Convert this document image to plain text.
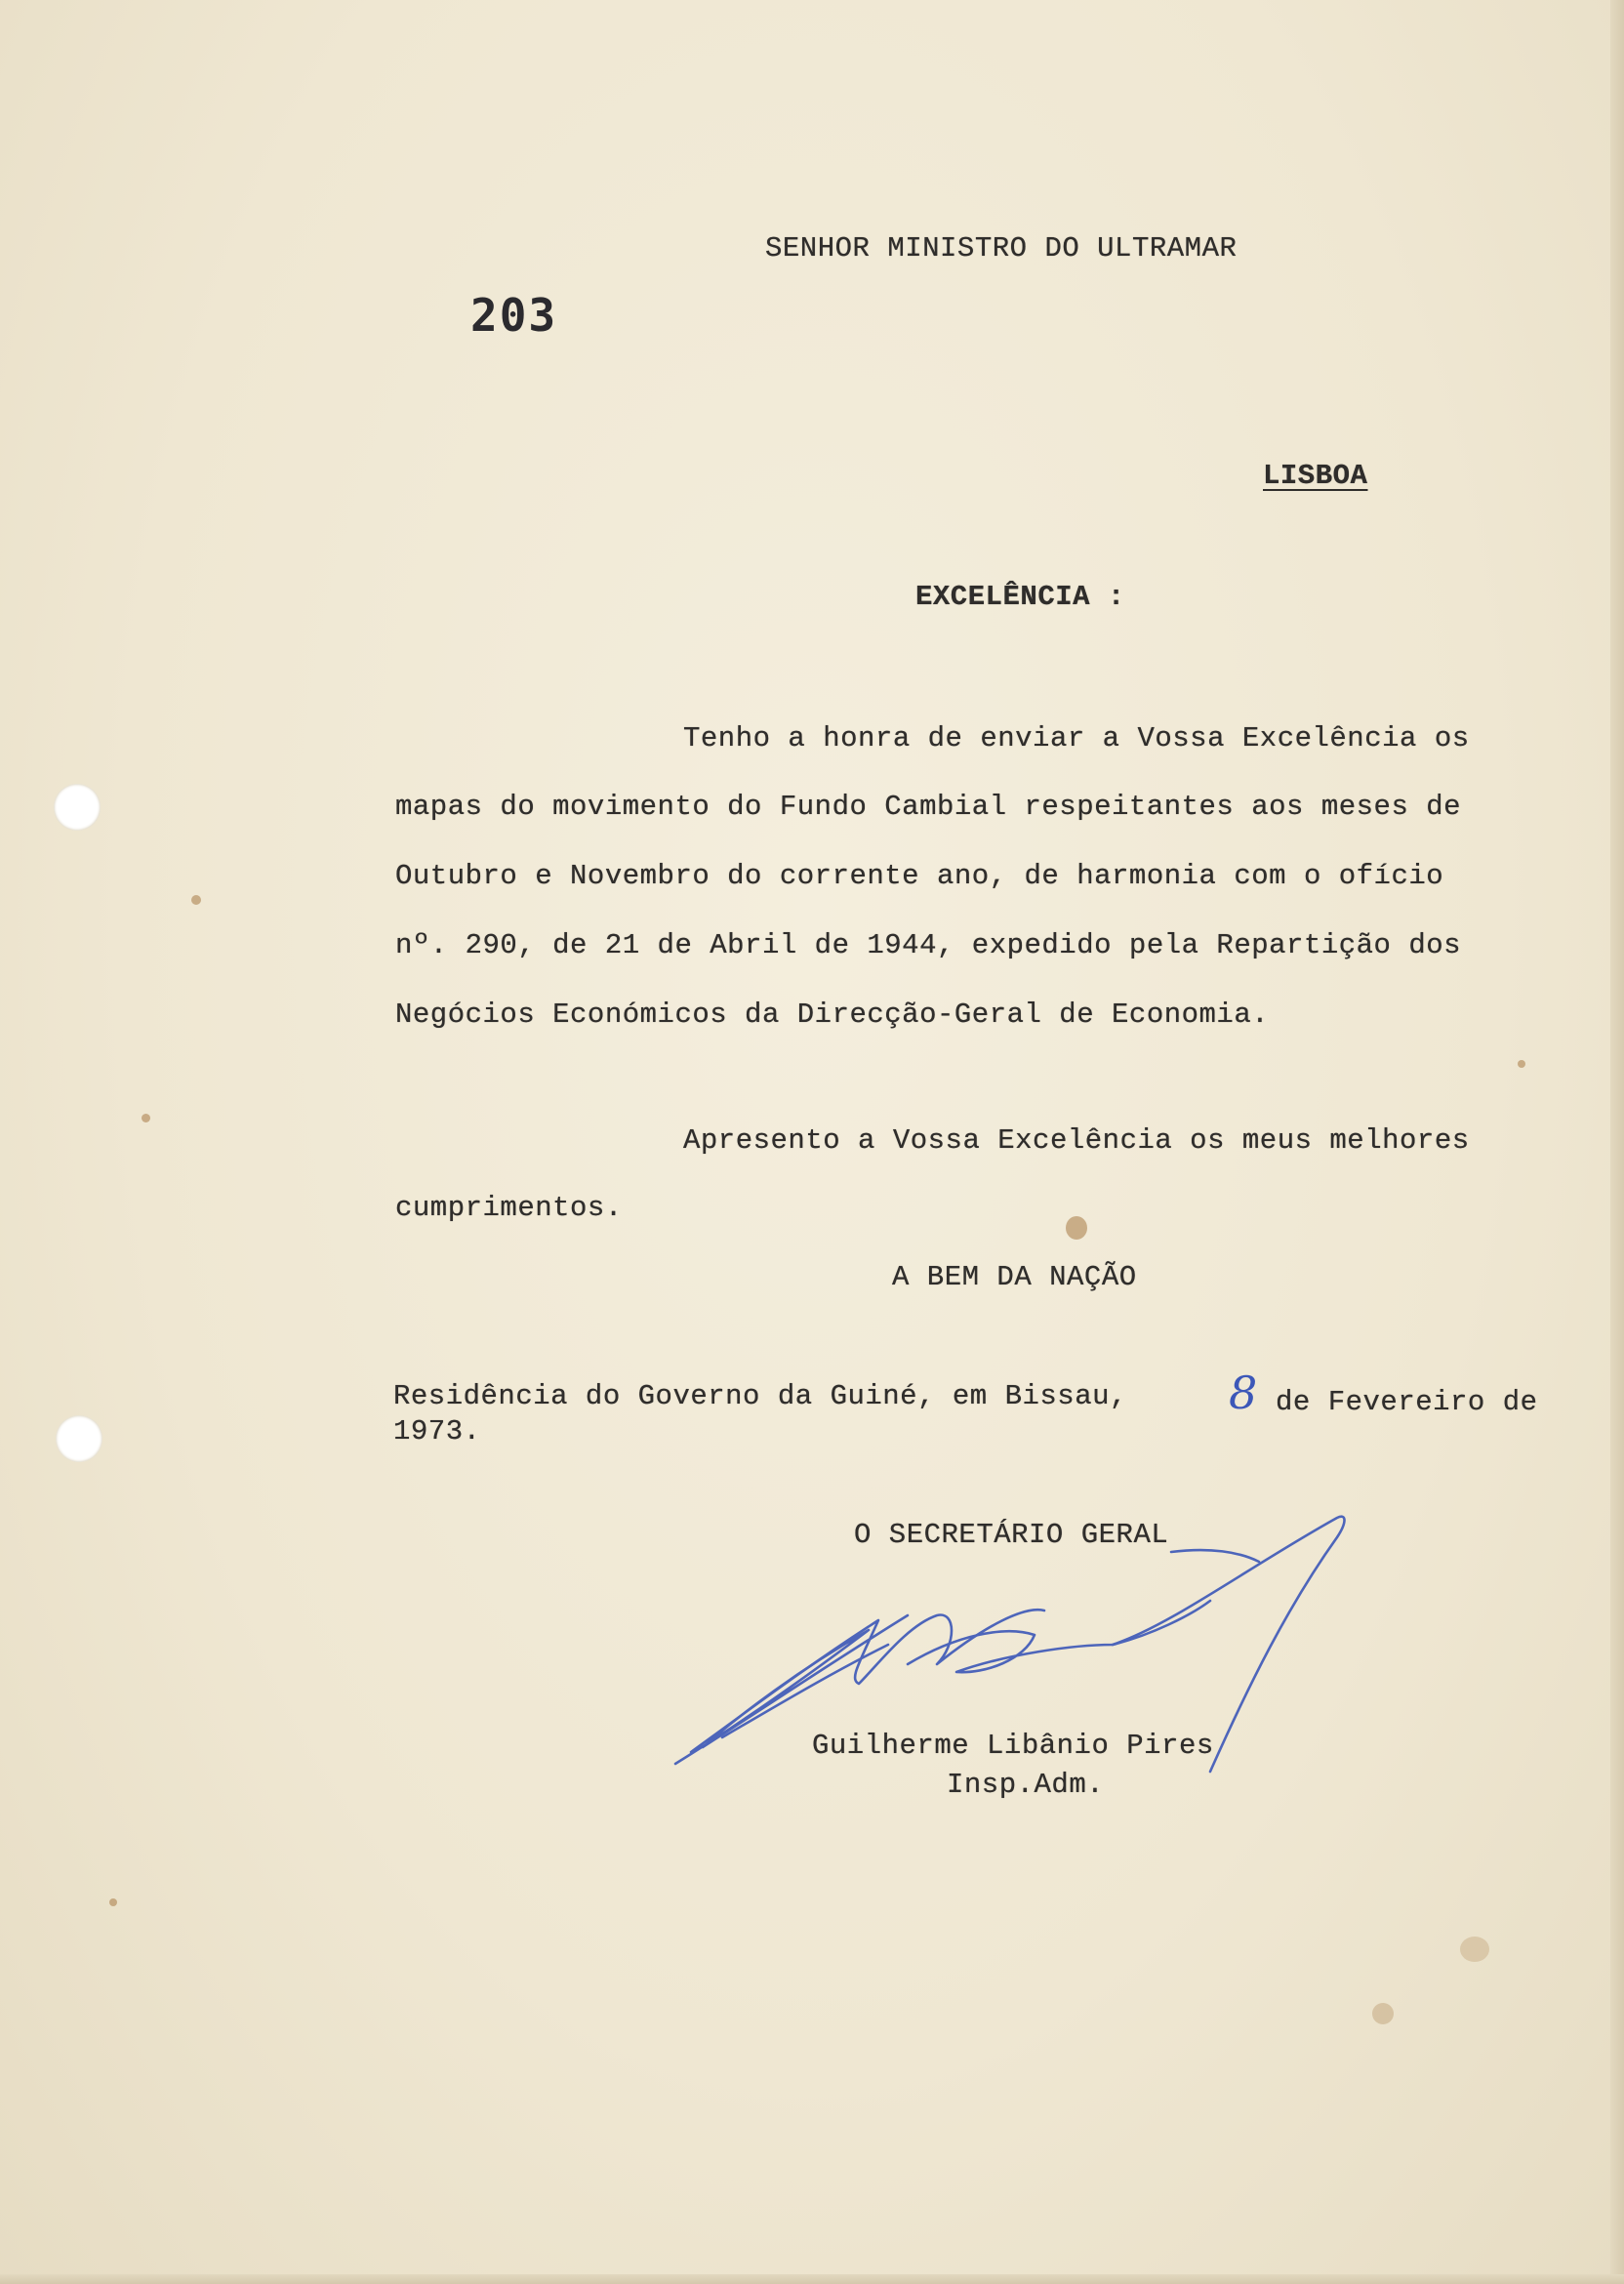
SENHOR MINISTRO DO ULTRAMAR
203
LISBOA
EXCELÊNCIA :
Tenho a honra de enviar a Vossa Excelência os
mapas do movimento do Fundo Cambial respeitantes aos meses de
Outubro e Novembro do corrente ano, de harmonia com o ofício
nº. 290, de 21 de Abril de 1944, expedido pela Repartição dos
Negócios Económicos da Direcção-Geral de Economia.
Apresento a Vossa Excelência os meus melhores
cumprimentos.
A BEM DA NAÇÃO
Residência do Governo da Guiné, em Bissau, 8 de Fevereiro de
1973.
O SECRETÁRIO GERAL
Guilherme Libânio Pires
Insp.Adm.
